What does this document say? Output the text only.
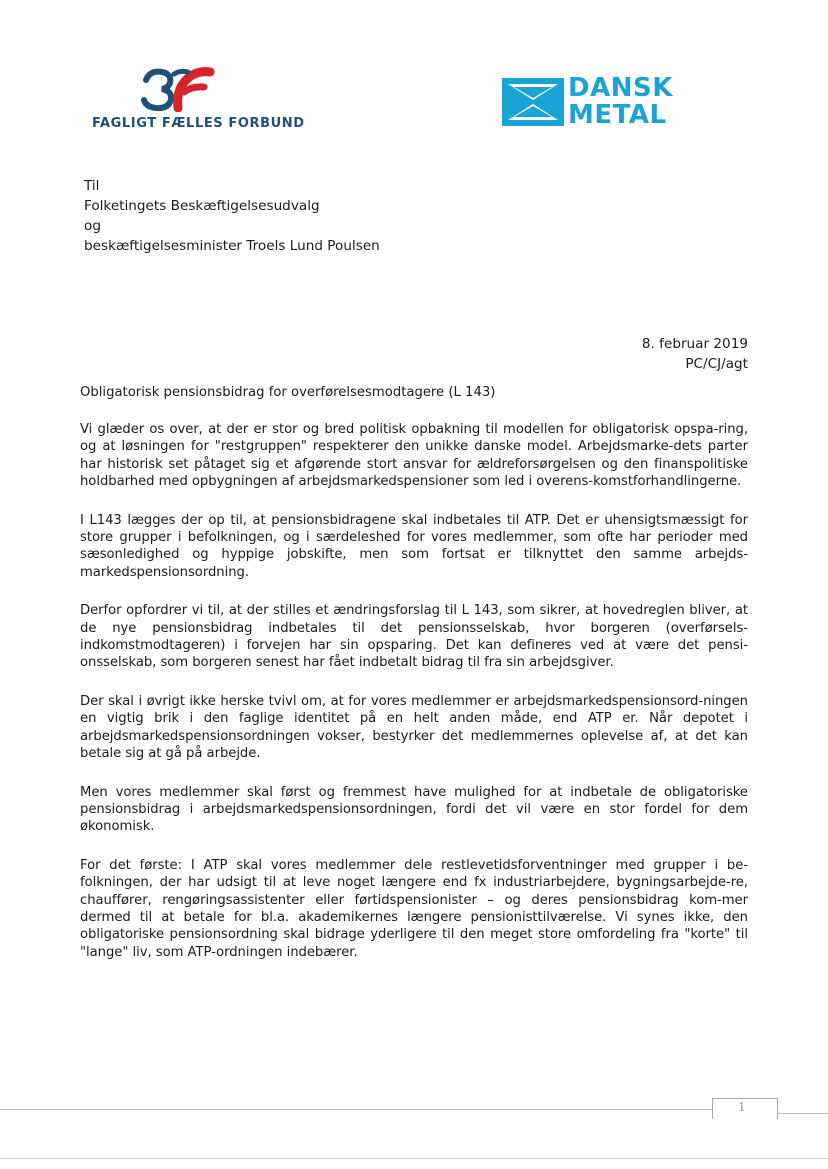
FAGLIGT FÆLLES FORBUND
DANSK
METAL
Til
Folketingets Beskæftigelsesudvalg
og
beskæftigelsesminister Troels Lund Poulsen
8. februar 2019
PC/CJ/agt
Obligatorisk pensionsbidrag for overførelsesmodtagere (L 143)

Vi glæder os over, at der er stor og bred politisk opbakning til modellen for obligatorisk opspa-ring, og at løsningen for "restgruppen" respekterer den unikke danske model. Arbejdsmarke-dets parter har historisk set påtaget sig et afgørende stort ansvar for ældreforsørgelsen og den finanspolitiske holdbarhed med opbygningen af arbejdsmarkedspensioner som led i overens-komstforhandlingerne.

I L143 lægges der op til, at pensionsbidragene skal indbetales til ATP. Det er uhensigtsmæssigt for store grupper i befolkningen, og i særdeleshed for vores medlemmer, som ofte har perioder med sæsonledighed og hyppige jobskifte, men som fortsat er tilknyttet den samme arbejds-markedspensionsordning.

Derfor opfordrer vi til, at der stilles et ændringsforslag til L 143, som sikrer, at hovedreglen bliver, at de nye pensionsbidrag indbetales til det pensionsselskab, hvor borgeren (overførsels-indkomstmodtageren) i forvejen har sin opsparing. Det kan defineres ved at være det pensi-onsselskab, som borgeren senest har fået indbetalt bidrag til fra sin arbejdsgiver.

Der skal i øvrigt ikke herske tvivl om, at for vores medlemmer er arbejdsmarkedspensionsord-ningen en vigtig brik i den faglige identitet på en helt anden måde, end ATP er. Når depotet i arbejdsmarkedspensionsordningen vokser, bestyrker det medlemmernes oplevelse af, at det kan betale sig at gå på arbejde.

Men vores medlemmer skal først og fremmest have mulighed for at indbetale de obligatoriske pensionsbidrag i arbejdsmarkedspensionsordningen, fordi det vil være en stor fordel for dem økonomisk.

For det første: I ATP skal vores medlemmer dele restlevetidsforventninger med grupper i be-folkningen, der har udsigt til at leve noget længere end fx industriarbejdere, bygningsarbejde-re, chauffører, rengøringsassistenter eller førtidspensionister – og deres pensionsbidrag kom-mer dermed til at betale for bl.a. akademikernes længere pensionisttilværelse. Vi synes ikke, den obligatoriske pensionsordning skal bidrage yderligere til den meget store omfordeling fra "korte" til "lange" liv, som ATP-ordningen indebærer.

1
